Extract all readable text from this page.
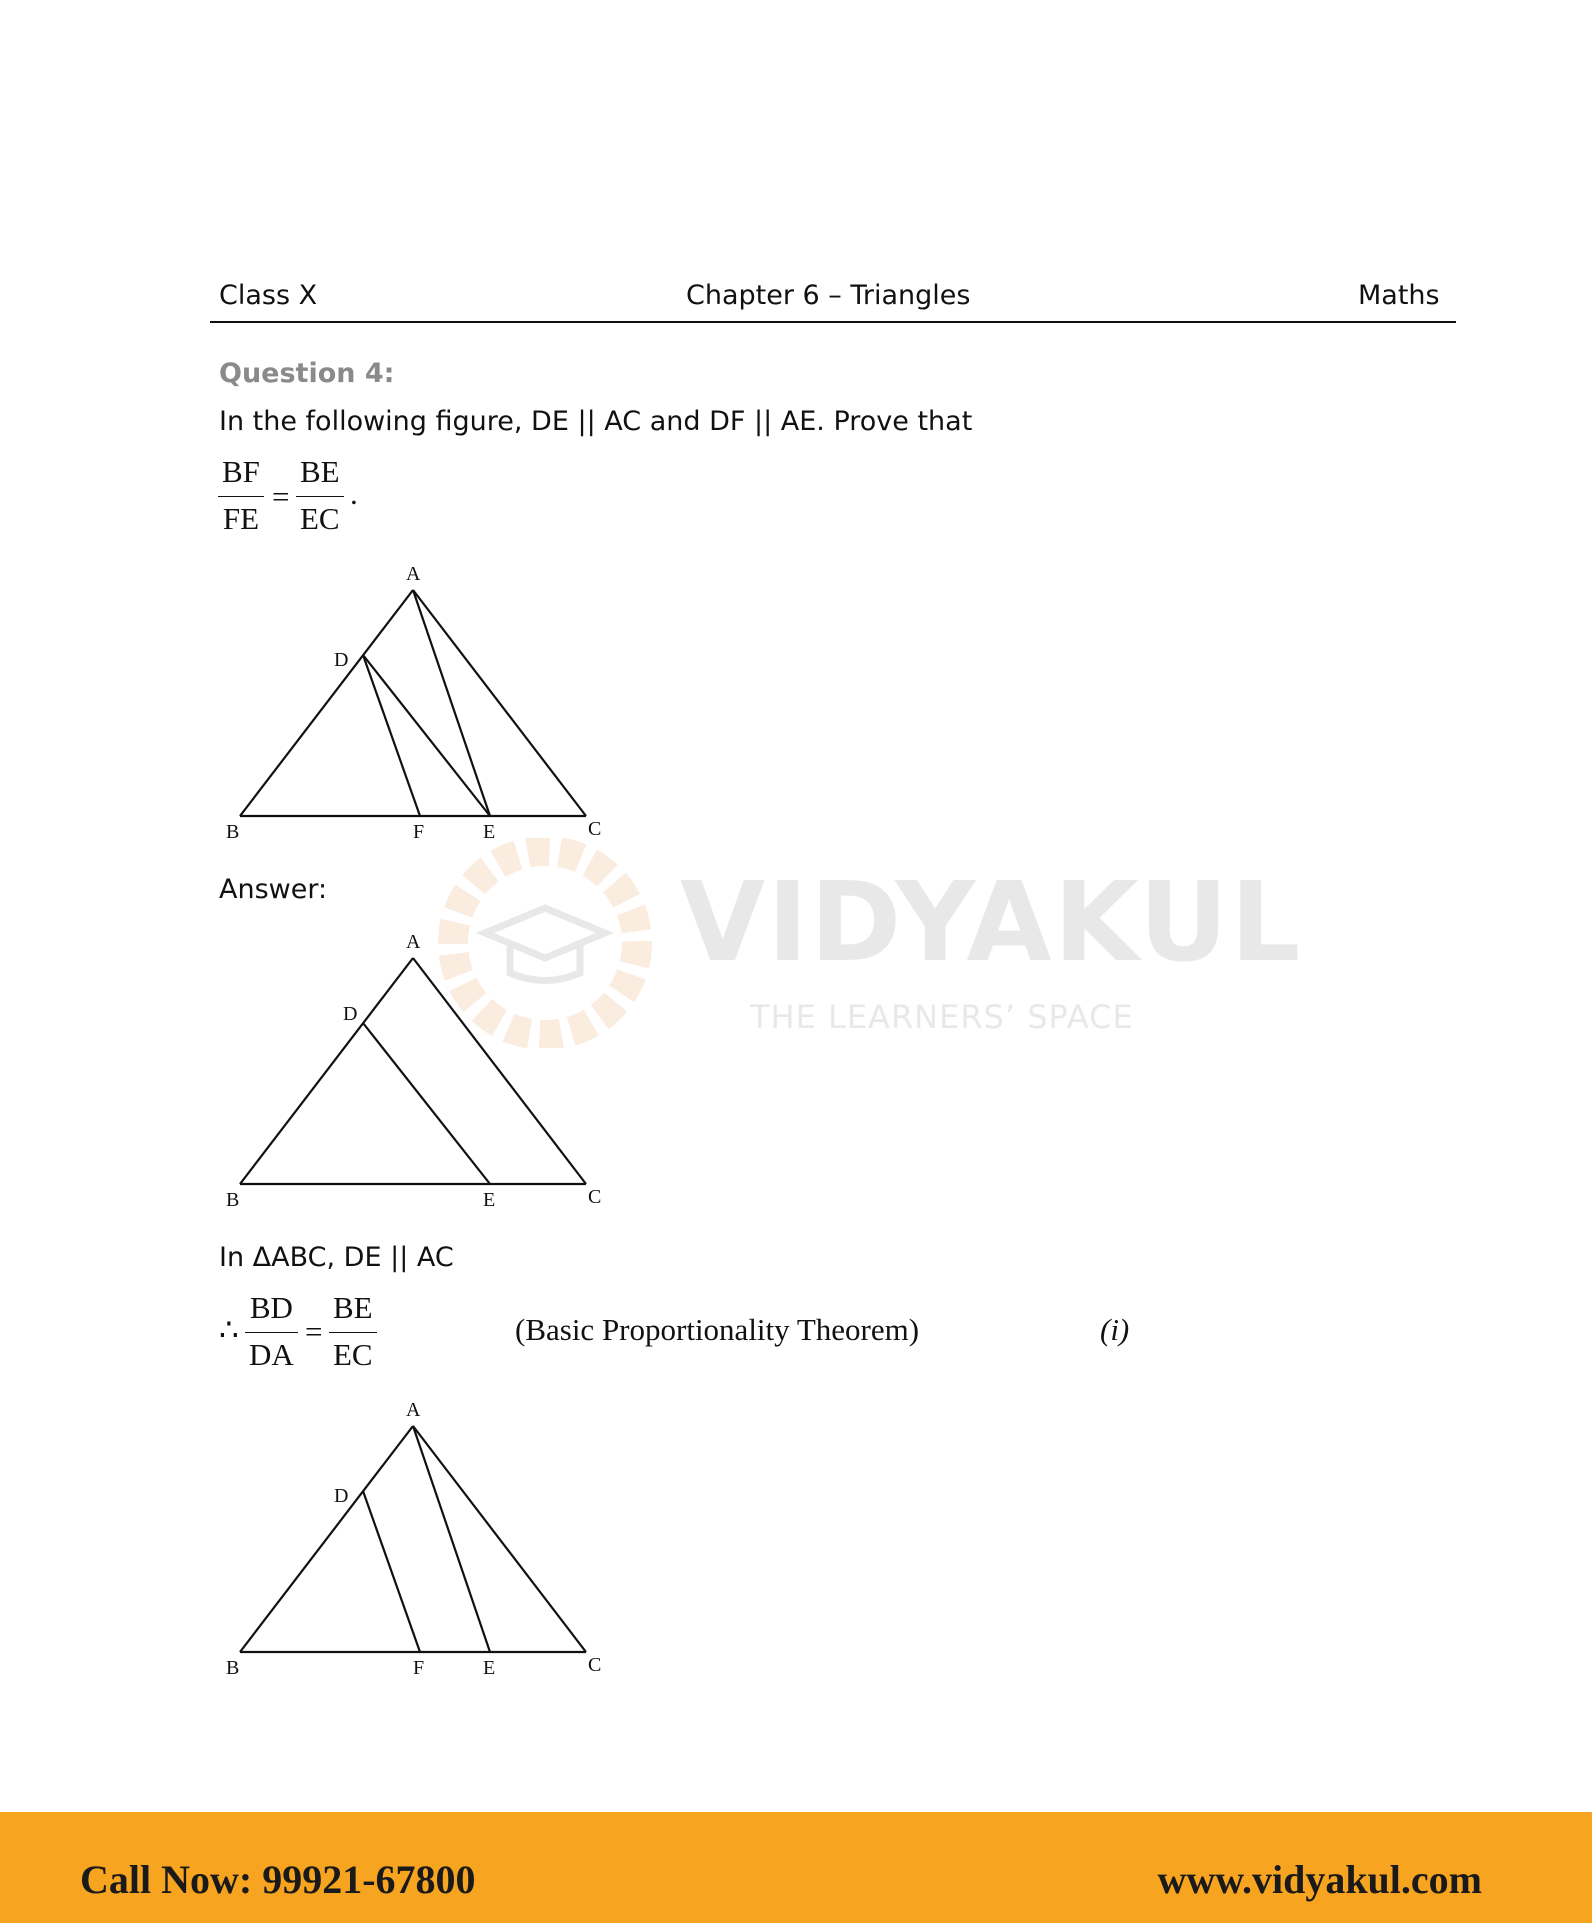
Class X	Chapter 6 – Triangles	Maths
VIDYAKUL
THE LEARNERS’ SPACE
Question 4:
In the following figure, DE || AC and DF || AE. Prove that
$\frac{BF}{FE} = \frac{BE}{EC}$ .
A
D
B	F	E	C
Answer:
A
D
B	E	C
In ΔABC, DE || AC
∴ $\frac{BD}{DA} = \frac{BE}{EC}$	(Basic Proportionality Theorem)	(i)
A
D
B	F	E	C
Call Now: 99921-67800	www.vidyakul.com
